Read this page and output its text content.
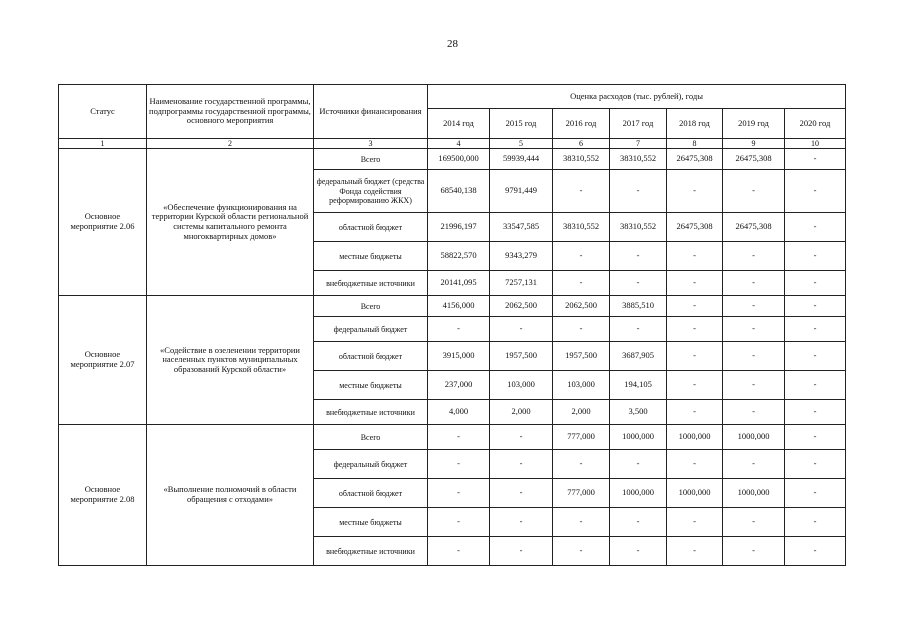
28
Статус	Наименование государственной программы, подпрограммы государственной программы, основного мероприятия	Источники финансирования	Оценка расходов (тыс. рублей), годы						
			2014 год	2015 год	2016 год	2017 год	2018 год	2019 год	2020 год
1	2	3	4	5	6	7	8	9	10
Основное мероприятие 2.06	«Обеспечение функционирования на территории Курской области региональной системы капитального ремонта многоквартирных домов»	Всего	169500,000	59939,444	38310,552	38310,552	26475,308	26475,308	-
		федеральный бюджет (средства Фонда содействия реформированию ЖКХ)	68540,138	9791,449	-	-	-	-	-
		областной бюджет	21996,197	33547,585	38310,552	38310,552	26475,308	26475,308	-
		местные бюджеты	58822,570	9343,279	-	-	-	-	-
		внебюджетные источники	20141,095	7257,131	-	-	-	-	-
Основное мероприятие 2.07	«Содействие в озеленении территории населенных пунктов муниципальных образований Курской области»	Всего	4156,000	2062,500	2062,500	3885,510	-	-	-
		федеральный бюджет	-	-	-	-	-	-	-
		областной бюджет	3915,000	1957,500	1957,500	3687,905	-	-	-
		местные бюджеты	237,000	103,000	103,000	194,105	-	-	-
		внебюджетные источники	4,000	2,000	2,000	3,500	-	-	-
Основное мероприятие 2.08	«Выполнение полномочий в области обращения с отходами»	Всего	-	-	777,000	1000,000	1000,000	1000,000	-
		федеральный бюджет	-	-	-	-	-	-	-
		областной бюджет	-	-	777,000	1000,000	1000,000	1000,000	-
		местные бюджеты	-	-	-	-	-	-	-
		внебюджетные источники	-	-	-	-	-	-	-
